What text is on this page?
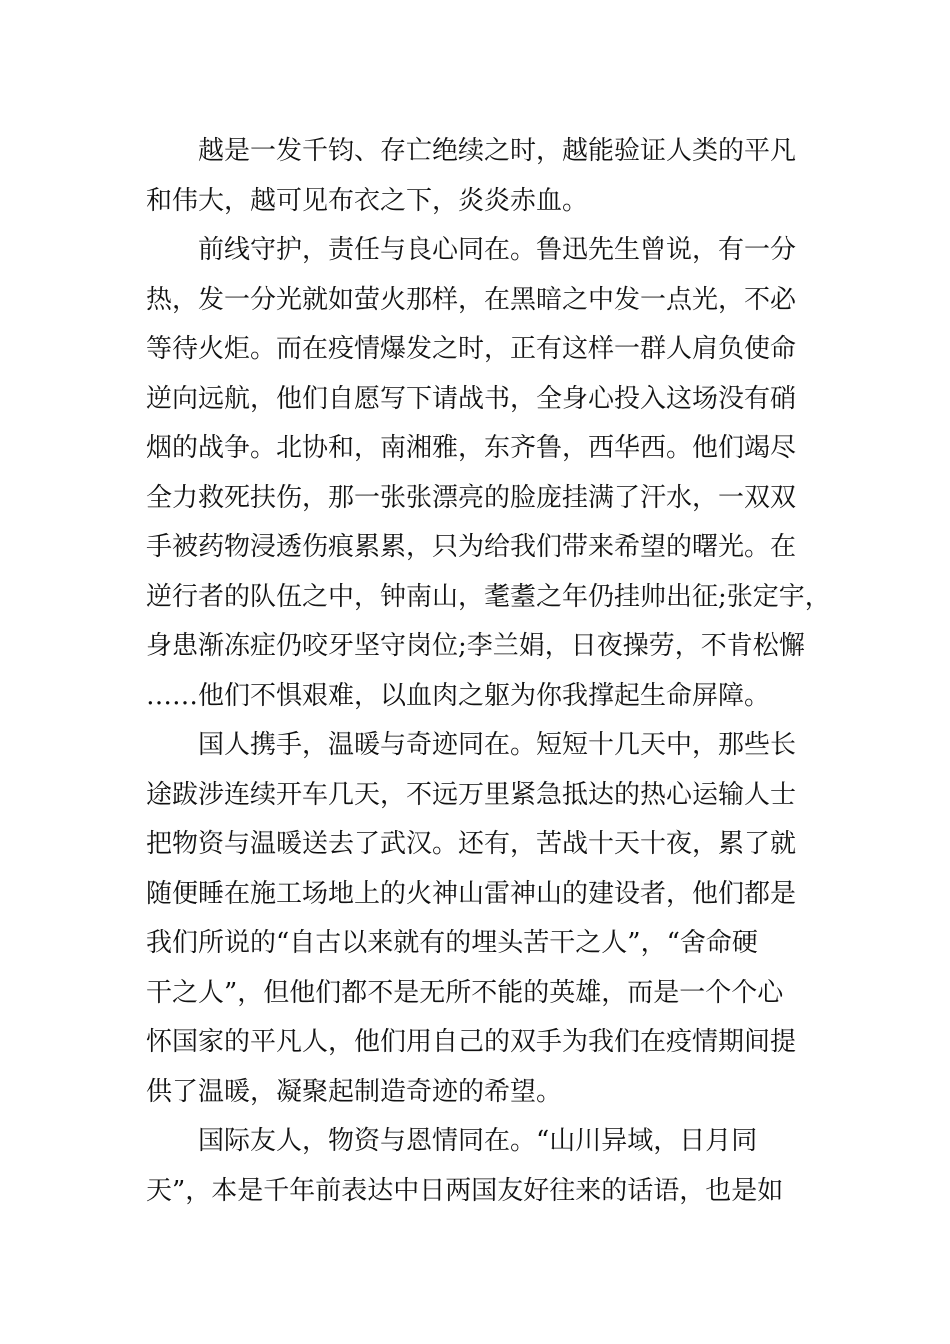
越是一发千钧、存亡绝续之时，越能验证人类的平凡
和伟大，越可见布衣之下，炎炎赤血。

前线守护，责任与良心同在。鲁迅先生曾说，有一分
热，发一分光就如萤火那样，在黑暗之中发一点光，不必
等待火炬。而在疫情爆发之时，正有这样一群人肩负使命
逆向远航，他们自愿写下请战书，全身心投入这场没有硝
烟的战争。北协和，南湘雅，东齐鲁，西华西。他们竭尽
全力救死扶伤，那一张张漂亮的脸庞挂满了汗水，一双双
手被药物浸透伤痕累累，只为给我们带来希望的曙光。在
逆行者的队伍之中，钟南山，耄耋之年仍挂帅出征;张定宇，
身患渐冻症仍咬牙坚守岗位;李兰娟，日夜操劳，不肯松懈
……他们不惧艰难，以血肉之躯为你我撑起生命屏障。

国人携手，温暖与奇迹同在。短短十几天中，那些长
途跋涉连续开车几天，不远万里紧急抵达的热心运输人士
把物资与温暖送去了武汉。还有，苦战十天十夜，累了就
随便睡在施工场地上的火神山雷神山的建设者，他们都是
我们所说的“自古以来就有的埋头苦干之人”，“舍命硬
干之人”，但他们都不是无所不能的英雄，而是一个个心
怀国家的平凡人，他们用自己的双手为我们在疫情期间提
供了温暖，凝聚起制造奇迹的希望。

国际友人，物资与恩情同在。“山川异域，日月同
天”，本是千年前表达中日两国友好往来的话语，也是如
